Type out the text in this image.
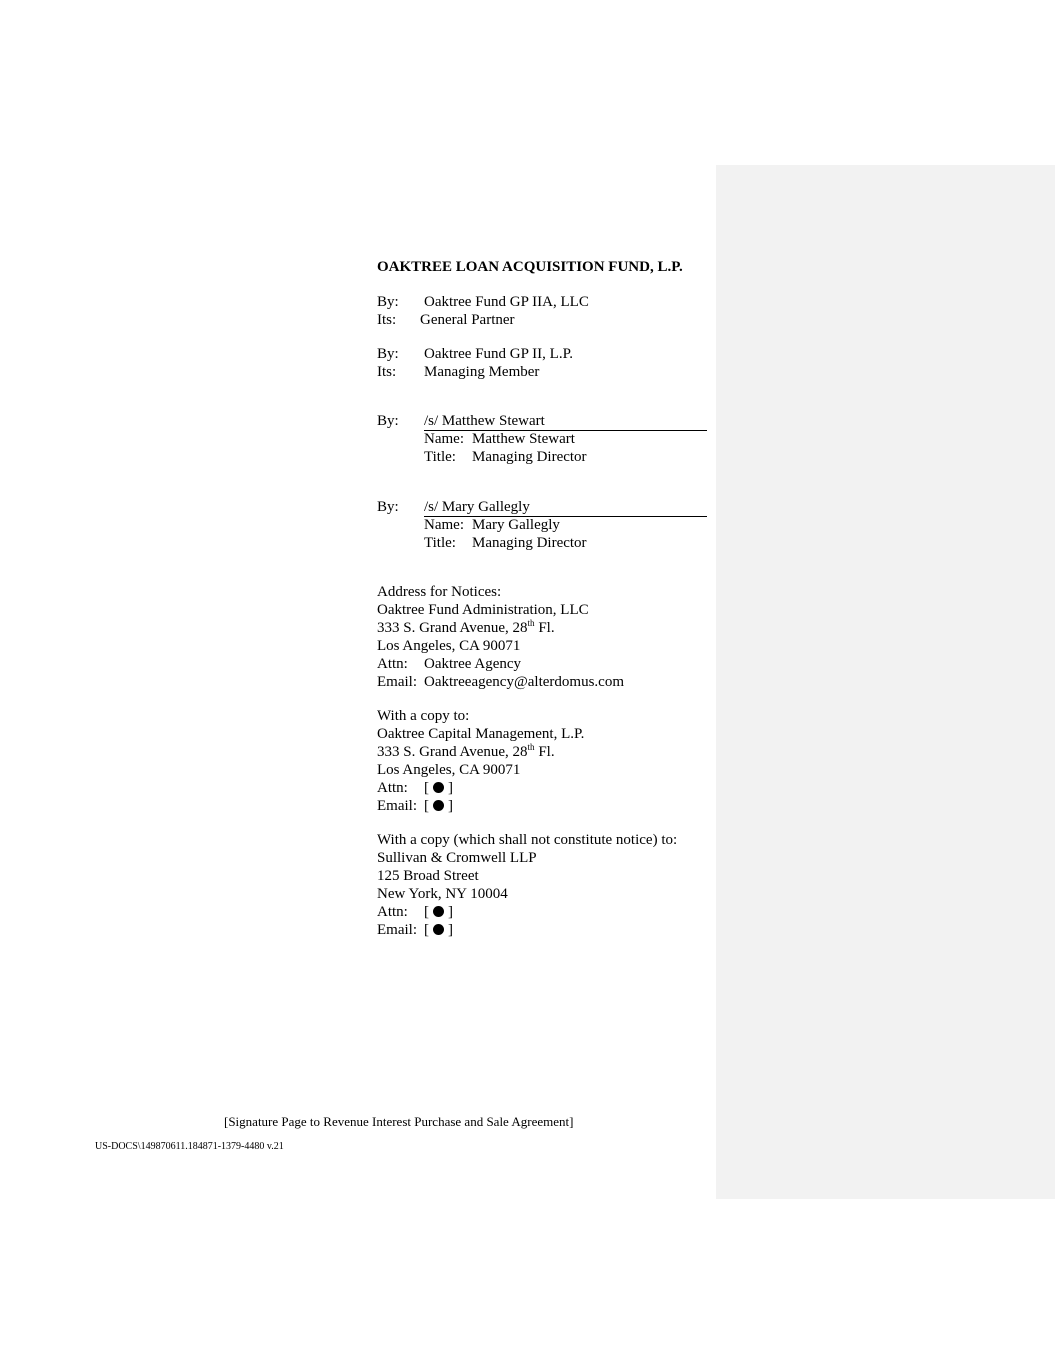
OAKTREE LOAN ACQUISITION FUND, L.P.
By: Oaktree Fund GP IIA, LLC
Its: General Partner
By: Oaktree Fund GP II, L.P.
Its: Managing Member
By: /s/ Matthew Stewart
Name: Matthew Stewart
Title: Managing Director
By: /s/ Mary Gallegly
Name: Mary Gallegly
Title: Managing Director
Address for Notices:
Oaktree Fund Administration, LLC
333 S. Grand Avenue, 28th Fl.
Los Angeles, CA 90071
Attn: Oaktree Agency
Email: Oaktreeagency@alterdomus.com
With a copy to:
Oaktree Capital Management, L.P.
333 S. Grand Avenue, 28th Fl.
Los Angeles, CA 90071
Attn: [ ]
Email: [ ]
With a copy (which shall not constitute notice) to:
Sullivan & Cromwell LLP
125 Broad Street
New York, NY 10004
Attn: [ ]
Email: [ ]
[Signature Page to Revenue Interest Purchase and Sale Agreement]
US-DOCS\149870611.184871-1379-4480 v.21
